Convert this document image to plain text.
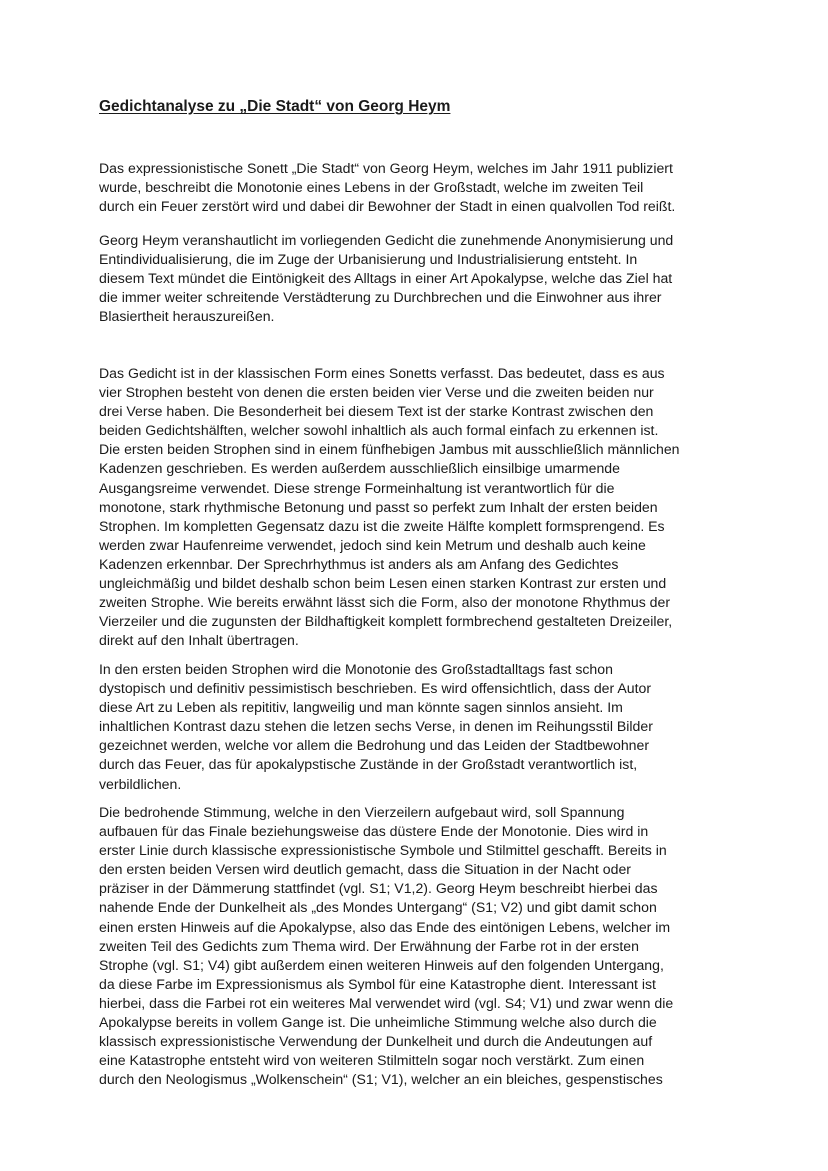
Gedichtanalyse zu „Die Stadt“ von Georg Heym
Das expressionistische Sonett „Die Stadt“ von Georg Heym, welches im Jahr 1911 publiziert
wurde, beschreibt die Monotonie eines Lebens in der Großstadt, welche im zweiten Teil
durch ein Feuer zerstört wird und dabei dir Bewohner der Stadt in einen qualvollen Tod reißt.
Georg Heym veranshautlicht im vorliegenden Gedicht die zunehmende Anonymisierung und
Entindividualisierung, die im Zuge der Urbanisierung und Industrialisierung entsteht. In
diesem Text mündet die Eintönigkeit des Alltags in einer Art Apokalypse, welche das Ziel hat
die immer weiter schreitende Verstädterung zu Durchbrechen und die Einwohner aus ihrer
Blasiertheit herauszureißen.
Das Gedicht ist in der klassischen Form eines Sonetts verfasst. Das bedeutet, dass es aus
vier Strophen besteht von denen die ersten beiden vier Verse und die zweiten beiden nur
drei Verse haben. Die Besonderheit bei diesem Text ist der starke Kontrast zwischen den
beiden Gedichtshälften, welcher sowohl inhaltlich als auch formal einfach zu erkennen ist.
Die ersten beiden Strophen sind in einem fünfhebigen Jambus mit ausschließlich männlichen
Kadenzen geschrieben. Es werden außerdem ausschließlich einsilbige umarmende
Ausgangsreime verwendet. Diese strenge Formeinhaltung ist verantwortlich für die
monotone, stark rhythmische Betonung und passt so perfekt zum Inhalt der ersten beiden
Strophen. Im kompletten Gegensatz dazu ist die zweite Hälfte komplett formsprengend. Es
werden zwar Haufenreime verwendet, jedoch sind kein Metrum und deshalb auch keine
Kadenzen erkennbar. Der Sprechrhythmus ist anders als am Anfang des Gedichtes
ungleichmäßig und bildet deshalb schon beim Lesen einen starken Kontrast zur ersten und
zweiten Strophe. Wie bereits erwähnt lässt sich die Form, also der monotone Rhythmus der
Vierzeiler und die zugunsten der Bildhaftigkeit komplett formbrechend gestalteten Dreizeiler,
direkt auf den Inhalt übertragen.
In den ersten beiden Strophen wird die Monotonie des Großstadtalltags fast schon
dystopisch und definitiv pessimistisch beschrieben. Es wird offensichtlich, dass der Autor
diese Art zu Leben als repititiv, langweilig und man könnte sagen sinnlos ansieht. Im
inhaltlichen Kontrast dazu stehen die letzen sechs Verse, in denen im Reihungsstil Bilder
gezeichnet werden, welche vor allem die Bedrohung und das Leiden der Stadtbewohner
durch das Feuer, das für apokalypstische Zustände in der Großstadt verantwortlich ist,
verbildlichen.
Die bedrohende Stimmung, welche in den Vierzeilern aufgebaut wird, soll Spannung
aufbauen für das Finale beziehungsweise das düstere Ende der Monotonie. Dies wird in
erster Linie durch klassische expressionistische Symbole und Stilmittel geschafft. Bereits in
den ersten beiden Versen wird deutlich gemacht, dass die Situation in der Nacht oder
präziser in der Dämmerung stattfindet (vgl. S1; V1,2). Georg Heym beschreibt hierbei das
nahende Ende der Dunkelheit als „des Mondes Untergang“ (S1; V2) und gibt damit schon
einen ersten Hinweis auf die Apokalypse, also das Ende des eintönigen Lebens, welcher im
zweiten Teil des Gedichts zum Thema wird. Der Erwähnung der Farbe rot in der ersten
Strophe (vgl. S1; V4) gibt außerdem einen weiteren Hinweis auf den folgenden Untergang,
da diese Farbe im Expressionismus als Symbol für eine Katastrophe dient. Interessant ist
hierbei, dass die Farbei rot ein weiteres Mal verwendet wird (vgl. S4; V1) und zwar wenn die
Apokalypse bereits in vollem Gange ist. Die unheimliche Stimmung welche also durch die
klassisch expressionistische Verwendung der Dunkelheit und durch die Andeutungen auf
eine Katastrophe entsteht wird von weiteren Stilmitteln sogar noch verstärkt. Zum einen
durch den Neologismus „Wolkenschein“ (S1; V1), welcher an ein bleiches, gespenstisches
